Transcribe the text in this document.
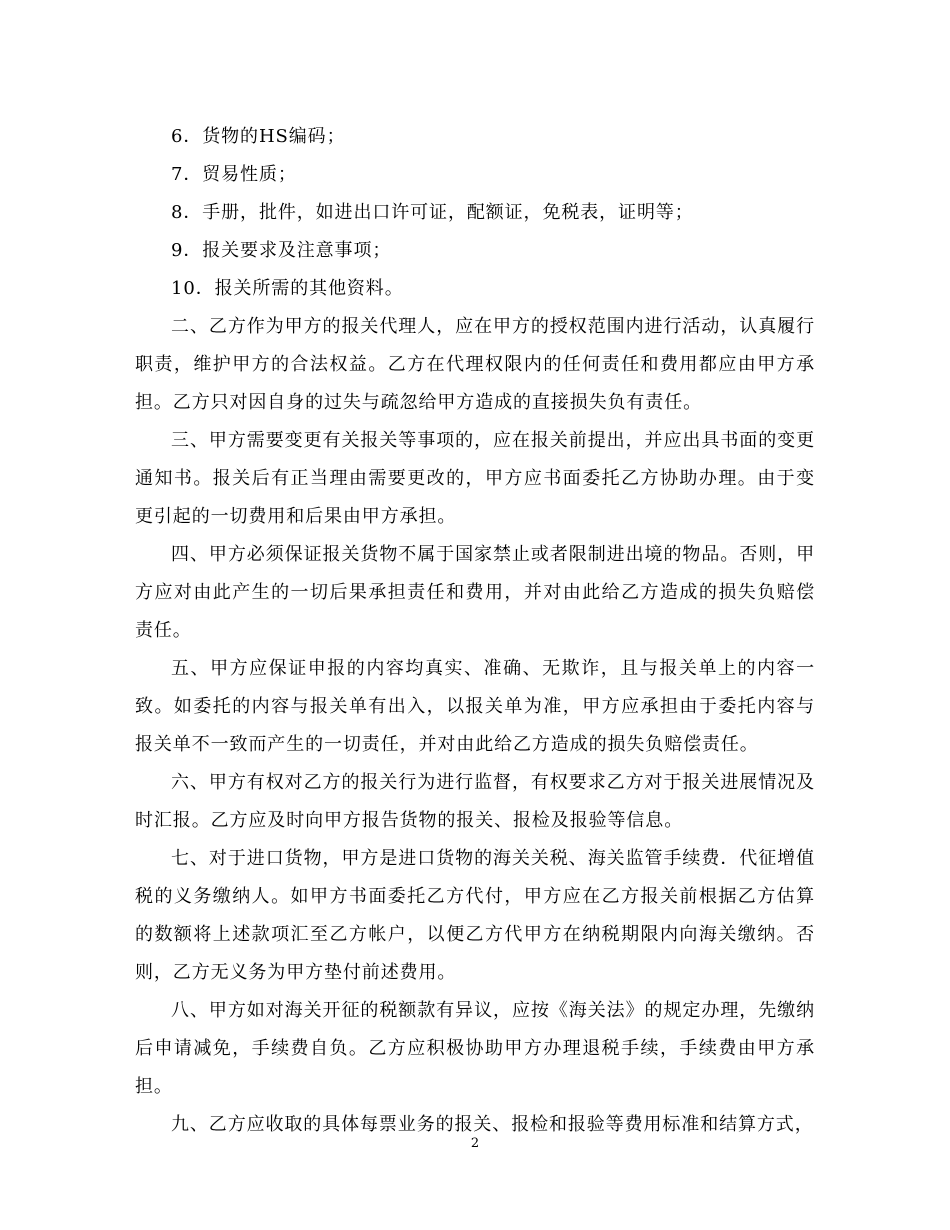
6．货物的HS编码；

7．贸易性质；

8．手册，批件，如进出口许可证，配额证，免税表，证明等；

9．报关要求及注意事项；

10．报关所需的其他资料。

二、乙方作为甲方的报关代理人，应在甲方的授权范围内进行活动，认真履行职责，维护甲方的合法权益。乙方在代理权限内的任何责任和费用都应由甲方承担。乙方只对因自身的过失与疏忽给甲方造成的直接损失负有责任。

三、甲方需要变更有关报关等事项的，应在报关前提出，并应出具书面的变更通知书。报关后有正当理由需要更改的，甲方应书面委托乙方协助办理。由于变更引起的一切费用和后果由甲方承担。

四、甲方必须保证报关货物不属于国家禁止或者限制进出境的物品。否则，甲方应对由此产生的一切后果承担责任和费用，并对由此给乙方造成的损失负赔偿责任。

五、甲方应保证申报的内容均真实、准确、无欺诈，且与报关单上的内容一致。如委托的内容与报关单有出入，以报关单为准，甲方应承担由于委托内容与报关单不一致而产生的一切责任，并对由此给乙方造成的损失负赔偿责任。

六、甲方有权对乙方的报关行为进行监督，有权要求乙方对于报关进展情况及时汇报。乙方应及时向甲方报告货物的报关、报检及报验等信息。

七、对于进口货物，甲方是进口货物的海关关税、海关监管手续费．代征增值税的义务缴纳人。如甲方书面委托乙方代付，甲方应在乙方报关前根据乙方估算的数额将上述款项汇至乙方帐户，以便乙方代甲方在纳税期限内向海关缴纳。否则，乙方无义务为甲方垫付前述费用。

八、甲方如对海关开征的税额款有异议，应按《海关法》的规定办理，先缴纳后申请减免，手续费自负。乙方应积极协助甲方办理退税手续，手续费由甲方承担。

九、乙方应收取的具体每票业务的报关、报检和报验等费用标准和结算方式，

2
